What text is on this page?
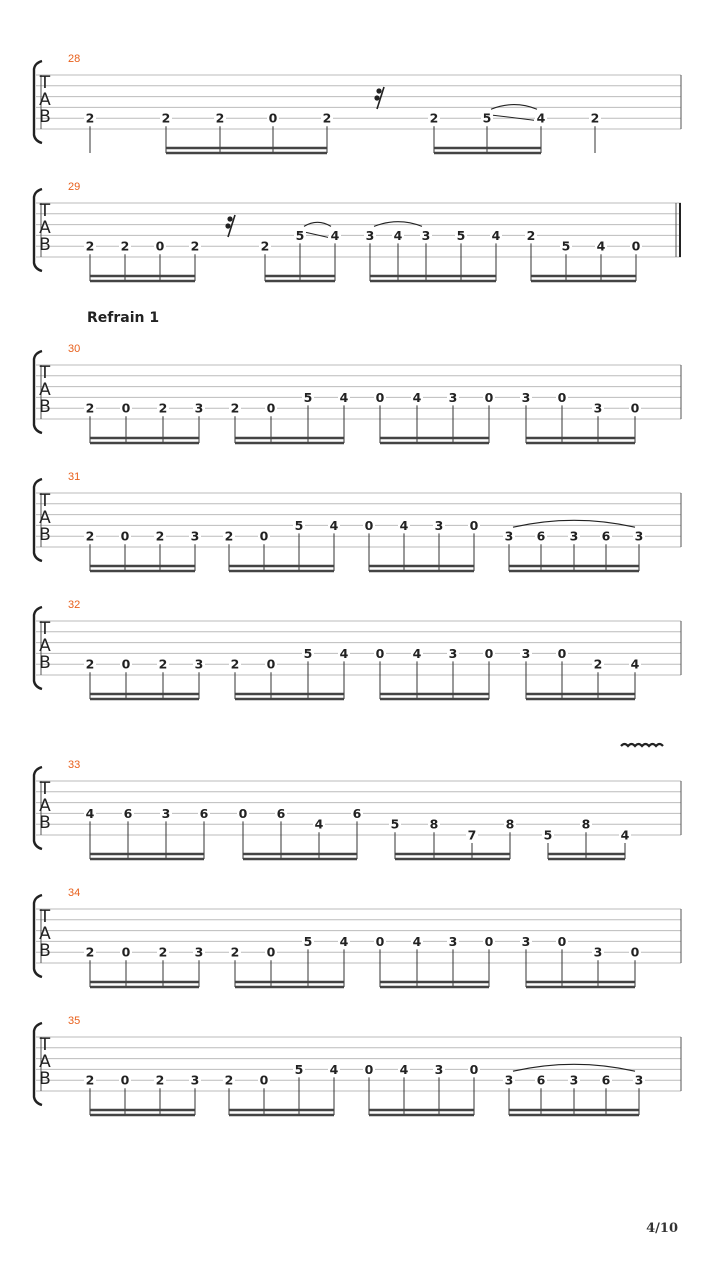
T
A
B
28
2	2	2	0	2	2	5	4	2
T
A
B
29
2 2 0 2	2
5 4 3 4 3 5 4 2
5 4 0
T
A
B
30
2 0 2 3 2 0
5 4 0 4 3 0 3 0
3 0
T
A
B
31
2 0 2 3 2 0
5 4 0 4 3 0
3 6 3 6 3
T
A
B
32
2 0 2 3 2 0
5 4 0 4 3 0 3 0
2 4
T
A
B
33
4 6 3 6 0 6
4
6
5 8
7
8
5
8
4
T
A
B
34
2 0 2 3 2 0
5 4 0 4 3 0 3 0
3 0
T
A
B
35
2 0 2 3 2 0
5 4 0 4 3 0
3 6 3 6 3
Refrain 1
4/10
